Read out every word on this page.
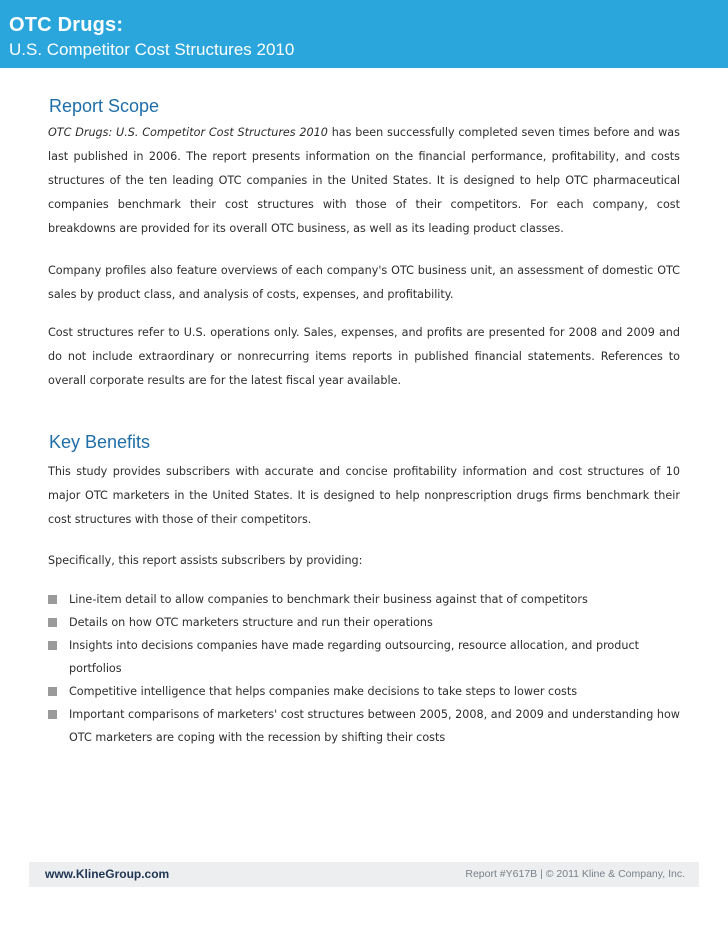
OTC Drugs:
U.S. Competitor Cost Structures 2010
Report Scope
OTC Drugs: U.S. Competitor Cost Structures 2010 has been successfully completed seven times before and was last published in 2006. The report presents information on the financial performance, profitability, and costs structures of the ten leading OTC companies in the United States. It is designed to help OTC pharmaceutical companies benchmark their cost structures with those of their competitors. For each company, cost breakdowns are provided for its overall OTC business, as well as its leading product classes.
Company profiles also feature overviews of each company's OTC business unit, an assessment of domestic OTC sales by product class, and analysis of costs, expenses, and profitability.
Cost structures refer to U.S. operations only. Sales, expenses, and profits are presented for 2008 and 2009 and do not include extraordinary or nonrecurring items reports in published financial statements. References to overall corporate results are for the latest fiscal year available.
Key Benefits
This study provides subscribers with accurate and concise profitability information and cost structures of 10 major OTC marketers in the United States. It is designed to help nonprescription drugs firms benchmark their cost structures with those of their competitors.
Specifically, this report assists subscribers by providing:
Line-item detail to allow companies to benchmark their business against that of competitors
Details on how OTC marketers structure and run their operations
Insights into decisions companies have made regarding outsourcing, resource allocation, and product portfolios
Competitive intelligence that helps companies make decisions to take steps to lower costs
Important comparisons of marketers' cost structures between 2005, 2008, and 2009 and understanding how OTC marketers are coping with the recession by shifting their costs
www.KlineGroup.com	Report #Y617B | © 2011 Kline & Company, Inc.
